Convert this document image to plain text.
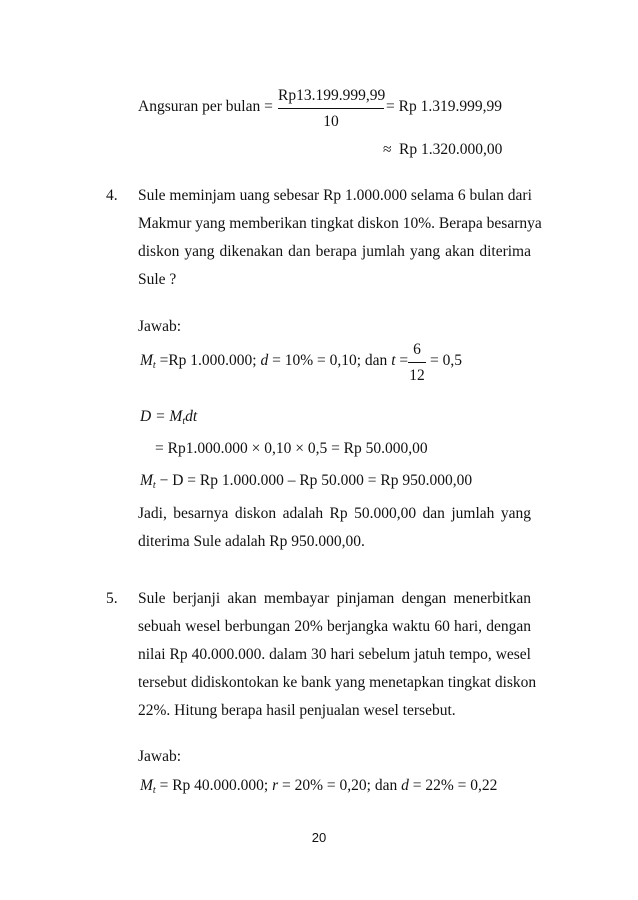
Angsuran per bulan =
Rp13.199.999,99
10
= Rp 1.319.999,99
≈ Rp 1.320.000,00
4. Sule meminjam uang sebesar Rp 1.000.000 selama 6 bulan dari
Makmur yang memberikan tingkat diskon 10%. Berapa besarnya
diskon yang dikenakan dan berapa jumlah yang akan diterima
Sule ?
Jawab:
$M_t =Rp$ 1.000.000; d = 10% = 0,10; dan t =
6
12
= 0,5
$D = M_tdt$
= Rp1.000.000 × 0,10 × 0,5 = Rp 50.000,00
$M_t - D = Rp$ 1.000.000 – Rp 50.000 = Rp 950.000,00
Jadi, besarnya diskon adalah Rp 50.000,00 dan jumlah yang
diterima Sule adalah Rp 950.000,00.
5. Sule berjanji akan membayar pinjaman dengan menerbitkan
sebuah wesel berbungan 20% berjangka waktu 60 hari, dengan
nilai Rp 40.000.000. dalam 30 hari sebelum jatuh tempo, wesel
tersebut didiskontokan ke bank yang menetapkan tingkat diskon
22%. Hitung berapa hasil penjualan wesel tersebut.
Jawab:
$M_t = Rp$ 40.000.000; r = 20% = 0,20; dan d = 22% = 0,22
20
